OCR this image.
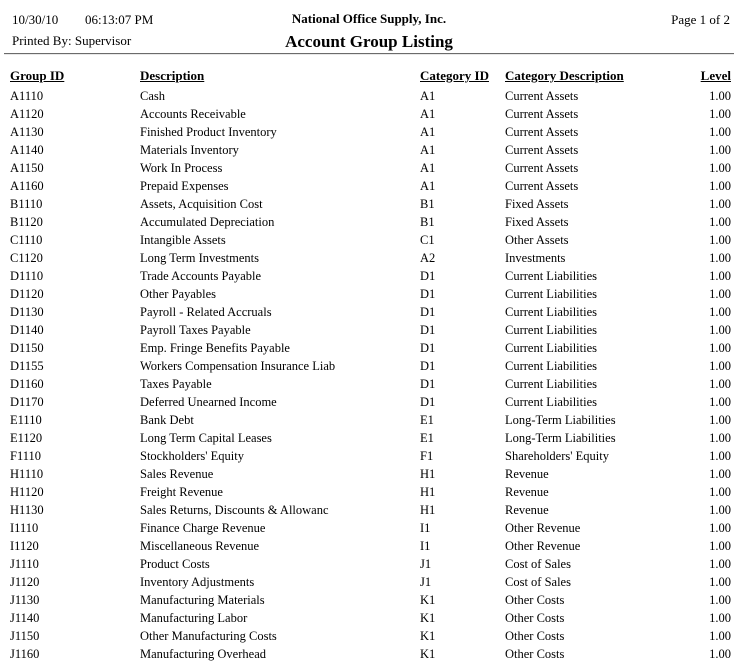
10/30/10 06:13:07 PM	National Office Supply, Inc.	Page 1 of 2
Printed By: Supervisor	Account Group Listing
Group ID	Description	Category ID	Category Description	Level
A1110	Cash	A1	Current Assets	1.00
A1120	Accounts Receivable	A1	Current Assets	1.00
A1130	Finished Product Inventory	A1	Current Assets	1.00
A1140	Materials Inventory	A1	Current Assets	1.00
A1150	Work In Process	A1	Current Assets	1.00
A1160	Prepaid Expenses	A1	Current Assets	1.00
B1110	Assets, Acquisition Cost	B1	Fixed Assets	1.00
B1120	Accumulated Depreciation	B1	Fixed Assets	1.00
C1110	Intangible Assets	C1	Other Assets	1.00
C1120	Long Term Investments	A2	Investments	1.00
D1110	Trade Accounts Payable	D1	Current Liabilities	1.00
D1120	Other Payables	D1	Current Liabilities	1.00
D1130	Payroll - Related Accruals	D1	Current Liabilities	1.00
D1140	Payroll Taxes Payable	D1	Current Liabilities	1.00
D1150	Emp. Fringe Benefits Payable	D1	Current Liabilities	1.00
D1155	Workers Compensation Insurance Liab	D1	Current Liabilities	1.00
D1160	Taxes Payable	D1	Current Liabilities	1.00
D1170	Deferred Unearned Income	D1	Current Liabilities	1.00
E1110	Bank Debt	E1	Long-Term Liabilities	1.00
E1120	Long Term Capital Leases	E1	Long-Term Liabilities	1.00
F1110	Stockholders' Equity	F1	Shareholders' Equity	1.00
H1110	Sales Revenue	H1	Revenue	1.00
H1120	Freight Revenue	H1	Revenue	1.00
H1130	Sales Returns, Discounts & Allowanc	H1	Revenue	1.00
I1110	Finance Charge Revenue	I1	Other Revenue	1.00
I1120	Miscellaneous Revenue	I1	Other Revenue	1.00
J1110	Product Costs	J1	Cost of Sales	1.00
J1120	Inventory Adjustments	J1	Cost of Sales	1.00
J1130	Manufacturing Materials	K1	Other Costs	1.00
J1140	Manufacturing Labor	K1	Other Costs	1.00
J1150	Other Manufacturing Costs	K1	Other Costs	1.00
J1160	Manufacturing Overhead	K1	Other Costs	1.00
